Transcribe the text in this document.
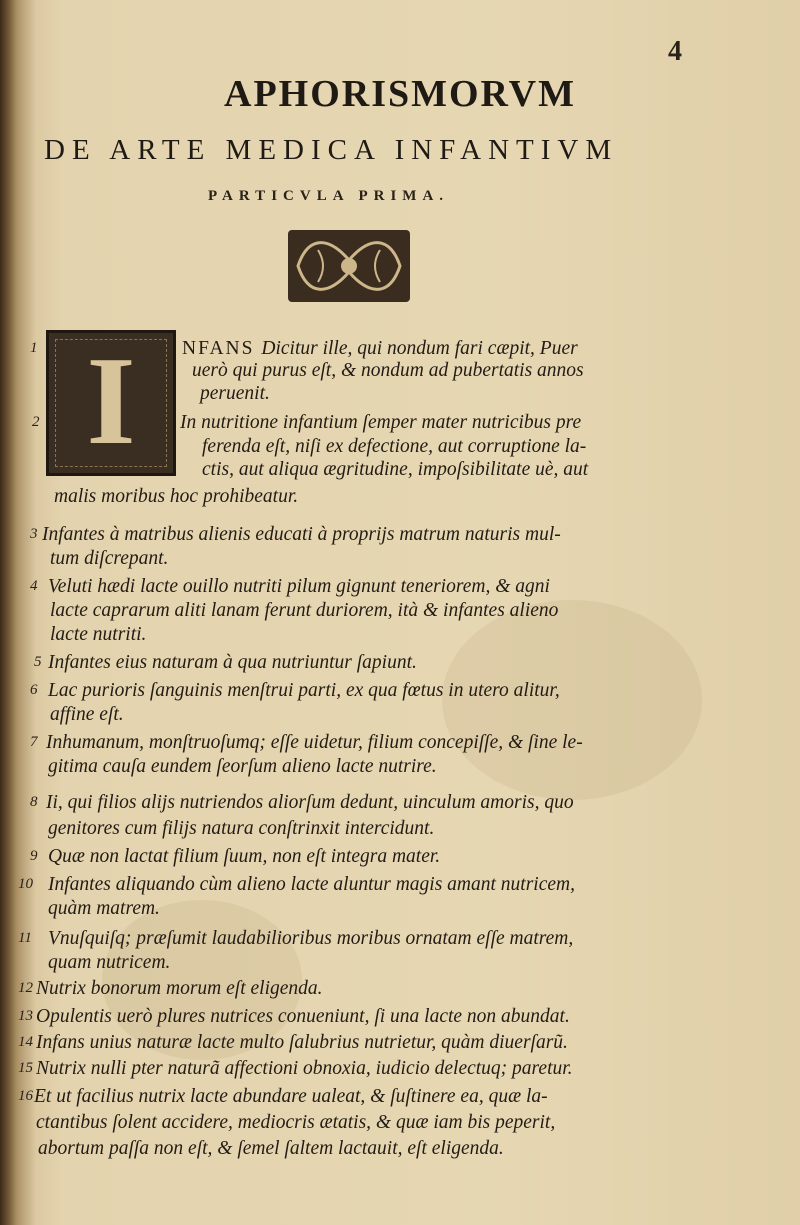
4
APHORISMORVM
DE ARTE MEDICA INFANTIVM
PARTICVLA PRIMA.
I
1	NFANS Dicitur ille, qui nondum fari cæpit, Puer
uerò qui purus eſt, & nondum ad pubertatis annos
peruenit.
2	In nutritione infantium ſemper mater nutricibus pre
ferenda eſt, niſi ex defectione, aut corruptione la-
ctis, aut aliqua ægritudine, impoſsibilitate uè, aut
malis moribus hoc prohibeatur.
3 Infantes à matribus alienis educati à proprijs matrum naturis mul-
tum diſcrepant.
4 Veluti hædi lacte ouillo nutriti pilum gignunt teneriorem, & agni
lacte caprarum aliti lanam ferunt duriorem, ità & infantes alieno
lacte nutriti.
5 Infantes eius naturam à qua nutriuntur ſapiunt.
6 Lac purioris ſanguinis menſtrui parti, ex qua fœtus in utero alitur,
affine eſt.
7 Inhumanum, monſtruoſumq; eſſe uidetur, filium concepiſſe, & ſine le-
gitima cauſa eundem ſeorſum alieno lacte nutrire.
8 Ii, qui filios alijs nutriendos aliorſum dedunt, uinculum amoris, quo
genitores cum filijs natura conſtrinxit intercidunt.
9 Quæ non lactat filium ſuum, non eſt integra mater.
10 Infantes aliquando cùm alieno lacte aluntur magis amant nutricem,
quàm matrem.
11 Vnuſquiſq; præſumit laudabilioribus moribus ornatam eſſe matrem,
quam nutricem.
12 Nutrix bonorum morum eſt eligenda.
13 Opulentis uerò plures nutrices conueniunt, ſi una lacte non abundat.
14 Infans unius naturæ lacte multo ſalubrius nutrietur, quàm diuerſarũ.
15 Nutrix nulli pter naturã affectioni obnoxia, iudicio delectuq; paretur.
16 Et ut facilius nutrix lacte abundare ualeat, & ſuſtinere ea, quæ la-
ctantibus ſolent accidere, mediocris ætatis, & quæ iam bis peperit,
abortum paſſa non eſt, & ſemel ſaltem lactauit, eſt eligenda.
